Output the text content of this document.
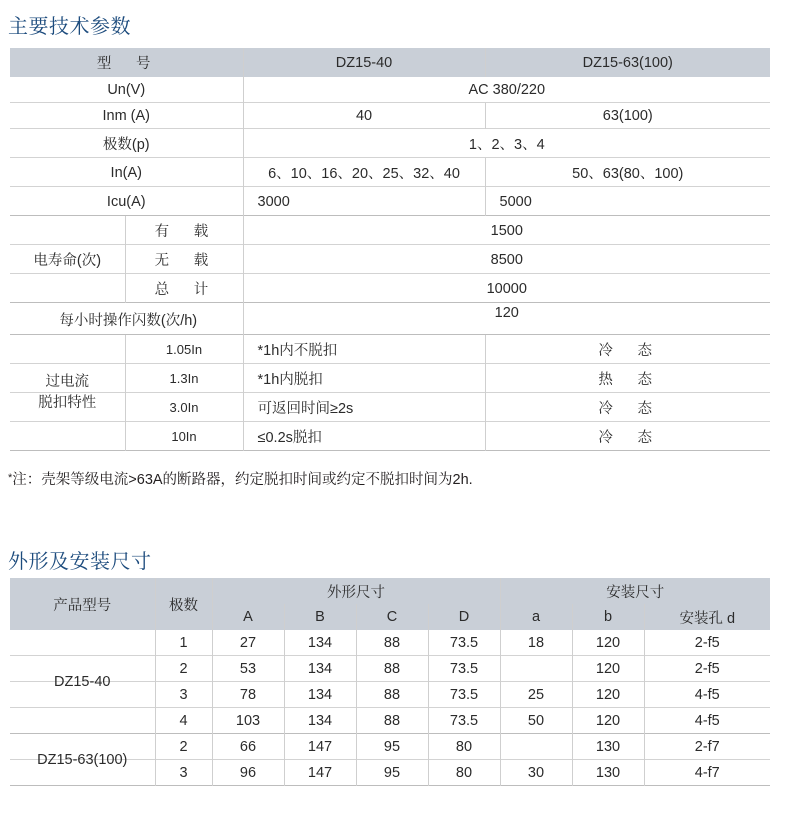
主要技术参数
型　号		DZ15-40	DZ15-63(100)
Un(V)		AC 380/220	
Inm (A)		40	63(100)
极数(p)		1、2、3、4	
In(A)		6、10、16、20、25、32、40	50、63(80、100)
Icu(A)		3000	5000
电寿命(次)	有　载	1500	
	无　载	8500	
	总　计	10000	
每小时操作闪数(次/h)		120	

过电流
脱扣特性	1.05In	*1h内不脱扣	冷　态
	1.3In	*1h内脱扣	热　态
	3.0In	可返回时间≥2s	冷　态
	10In	≤0.2s脱扣	冷　态
*注：壳架等级电流>63A的断路器，约定脱扣时间或约定不脱扣时间为2h.
外形及安装尺寸
产品型号	极数	外形尺寸				安装尺寸		
		A	B	C	D	a	b	安装孔 d
DZ15-40	1	27	134	88	73.5	18	120	2-f5
	2	53	134	88	73.5		120	2-f5
	3	78	134	88	73.5	25	120	4-f5
	4	103	134	88	73.5	50	120	4-f5
DZ15-63(100)	2	66	147	95	80		130	2-f7
	3	96	147	95	80	30	130	4-f7
